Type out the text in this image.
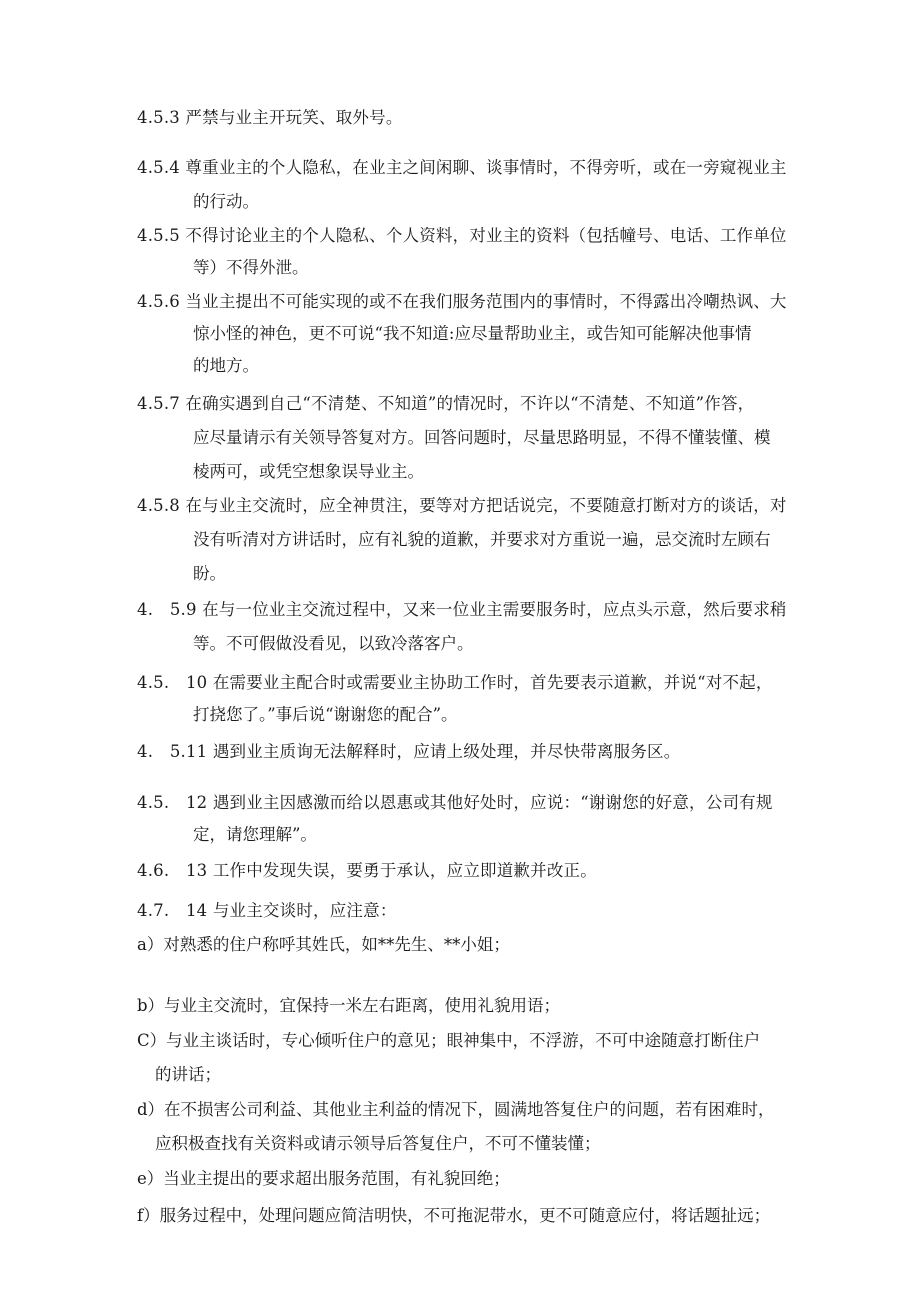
4.5.3 严禁与业主开玩笑、取外号。
4.5.4 尊重业主的个人隐私，在业主之间闲聊、谈事情时，不得旁听，或在一旁窥视业主
的行动。
4.5.5 不得讨论业主的个人隐私、个人资料，对业主的资料（包括幢号、电话、工作单位
等）不得外泄。
4.5.6 当业主提出不可能实现的或不在我们服务范围内的事情时，不得露出冷嘲热讽、大
惊小怪的神色，更不可说“我不知道:应尽量帮助业主，或告知可能解决他事情
的地方。
4.5.7 在确实遇到自己“不清楚、不知道”的情况时，不许以“不清楚、不知道”作答，
应尽量请示有关领导答复对方。回答问题时，尽量思路明显，不得不懂装懂、模
棱两可，或凭空想象误导业主。
4.5.8 在与业主交流时，应全神贯注，要等对方把话说完，不要随意打断对方的谈话，对
没有听清对方讲话时，应有礼貌的道歉，并要求对方重说一遍，忌交流时左顾右
盼。
4.　5.9 在与一位业主交流过程中，又来一位业主需要服务时，应点头示意，然后要求稍
等。不可假做没看见，以致冷落客户。
4.5.　10 在需要业主配合时或需要业主协助工作时，首先要表示道歉，并说“对不起，
打挠您了。”事后说“谢谢您的配合”。
4.　5.11 遇到业主质询无法解释时，应请上级处理，并尽快带离服务区。
4.5.　12 遇到业主因感激而给以恩惠或其他好处时，应说：“谢谢您的好意，公司有规
定，请您理解”。
4.6.　13 工作中发现失误，要勇于承认，应立即道歉并改正。
4.7.　14 与业主交谈时，应注意：
a）对熟悉的住户称呼其姓氏，如**先生、**小姐；
b）与业主交流时，宜保持一米左右距离，使用礼貌用语；
C）与业主谈话时，专心倾听住户的意见；眼神集中，不浮游，不可中途随意打断住户
的讲话；
d）在不损害公司利益、其他业主利益的情况下，圆满地答复住户的问题，若有困难时，
应积极查找有关资料或请示领导后答复住户，不可不懂装懂；
e）当业主提出的要求超出服务范围，有礼貌回绝；
f）服务过程中，处理问题应简洁明快，不可拖泥带水，更不可随意应付，将话题扯远；
